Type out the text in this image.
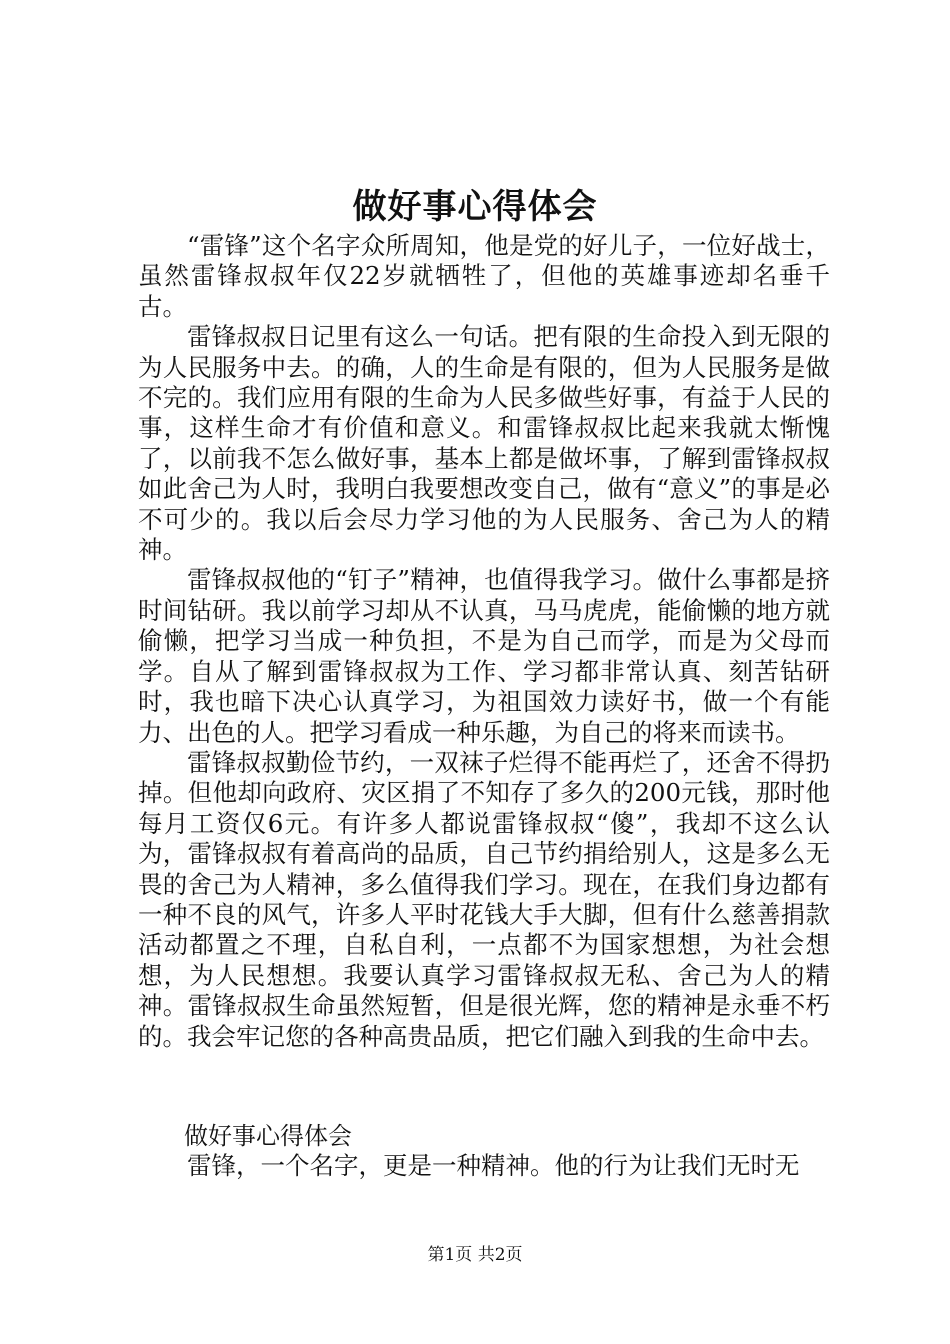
做好事心得体会

“雷锋”这个名字众所周知，他是党的好儿子，一位好战士，虽然雷锋叔叔年仅22岁就牺牲了，但他的英雄事迹却名垂千古。

雷锋叔叔日记里有这么一句话。把有限的生命投入到无限的为人民服务中去。的确，人的生命是有限的，但为人民服务是做不完的。我们应用有限的生命为人民多做些好事，有益于人民的事，这样生命才有价值和意义。和雷锋叔叔比起来我就太惭愧了，以前我不怎么做好事，基本上都是做坏事，了解到雷锋叔叔如此舍己为人时，我明白我要想改变自己，做有“意义”的事是必不可少的。我以后会尽力学习他的为人民服务、舍己为人的精神。

雷锋叔叔他的“钉子”精神，也值得我学习。做什么事都是挤时间钻研。我以前学习却从不认真，马马虎虎，能偷懒的地方就偷懒，把学习当成一种负担，不是为自己而学，而是为父母而学。自从了解到雷锋叔叔为工作、学习都非常认真、刻苦钻研时，我也暗下决心认真学习，为祖国效力读好书，做一个有能力、出色的人。把学习看成一种乐趣，为自己的将来而读书。

雷锋叔叔勤俭节约，一双袜子烂得不能再烂了，还舍不得扔掉。但他却向政府、灾区捐了不知存了多久的200元钱，那时他每月工资仅6元。有许多人都说雷锋叔叔“傻”，我却不这么认为，雷锋叔叔有着高尚的品质，自己节约捐给别人，这是多么无畏的舍己为人精神，多么值得我们学习。现在，在我们身边都有一种不良的风气，许多人平时花钱大手大脚，但有什么慈善捐款活动都置之不理，自私自利，一点都不为国家想想，为社会想想，为人民想想。我要认真学习雷锋叔叔无私、舍己为人的精神。雷锋叔叔生命虽然短暂，但是很光辉，您的精神是永垂不朽的。我会牢记您的各种高贵品质，把它们融入到我的生命中去。

做好事心得体会

雷锋，一个名字，更是一种精神。他的行为让我们无时无

第1页 共2页
